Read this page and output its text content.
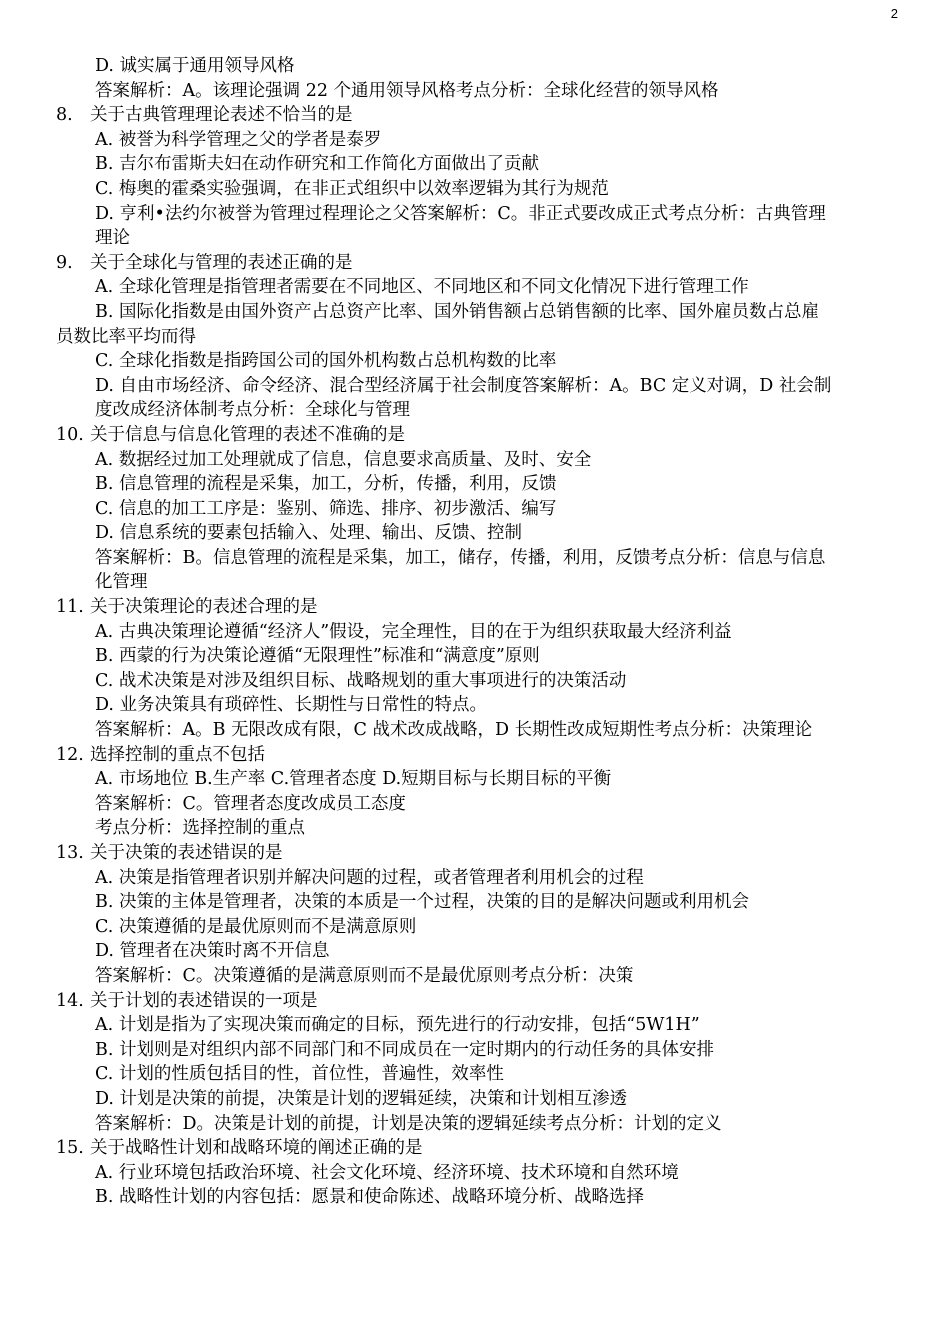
2
D. 诚实属于通用领导风格
答案解析：A。该理论强调 22 个通用领导风格考点分析：全球化经营的领导风格
8. 关于古典管理理论表述不恰当的是
A. 被誉为科学管理之父的学者是泰罗
B. 吉尔布雷斯夫妇在动作研究和工作简化方面做出了贡献
C. 梅奥的霍桑实验强调，在非正式组织中以效率逻辑为其行为规范
D. 亨利•法约尔被誉为管理过程理论之父答案解析：C。非正式要改成正式考点分析：古典管理
理论
9. 关于全球化与管理的表述正确的是
A. 全球化管理是指管理者需要在不同地区、不同地区和不同文化情况下进行管理工作
B. 国际化指数是由国外资产占总资产比率、国外销售额占总销售额的比率、国外雇员数占总雇
员数比率平均而得
C. 全球化指数是指跨国公司的国外机构数占总机构数的比率
D. 自由市场经济、命令经济、混合型经济属于社会制度答案解析：A。BC 定义对调，D 社会制
度改成经济体制考点分析：全球化与管理
10. 关于信息与信息化管理的表述不准确的是
A. 数据经过加工处理就成了信息，信息要求高质量、及时、安全
B. 信息管理的流程是采集，加工，分析，传播，利用，反馈
C. 信息的加工工序是：鉴别、筛选、排序、初步激活、编写
D. 信息系统的要素包括输入、处理、输出、反馈、控制
答案解析：B。信息管理的流程是采集，加工，储存，传播，利用，反馈考点分析：信息与信息
化管理
11. 关于决策理论的表述合理的是
A. 古典决策理论遵循“经济人”假设，完全理性，目的在于为组织获取最大经济利益
B. 西蒙的行为决策论遵循“无限理性”标准和“满意度”原则
C. 战术决策是对涉及组织目标、战略规划的重大事项进行的决策活动
D. 业务决策具有琐碎性、长期性与日常性的特点。
答案解析：A。B 无限改成有限，C 战术改成战略，D 长期性改成短期性考点分析：决策理论
12. 选择控制的重点不包括
A. 市场地位 B.生产率 C.管理者态度 D.短期目标与长期目标的平衡
答案解析：C。管理者态度改成员工态度
考点分析：选择控制的重点
13. 关于决策的表述错误的是
A. 决策是指管理者识别并解决问题的过程，或者管理者利用机会的过程
B. 决策的主体是管理者，决策的本质是一个过程，决策的目的是解决问题或利用机会
C. 决策遵循的是最优原则而不是满意原则
D. 管理者在决策时离不开信息
答案解析：C。决策遵循的是满意原则而不是最优原则考点分析：决策
14. 关于计划的表述错误的一项是
A. 计划是指为了实现决策而确定的目标，预先进行的行动安排，包括“5W1H”
B. 计划则是对组织内部不同部门和不同成员在一定时期内的行动任务的具体安排
C. 计划的性质包括目的性，首位性，普遍性，效率性
D. 计划是决策的前提，决策是计划的逻辑延续，决策和计划相互渗透
答案解析：D。决策是计划的前提，计划是决策的逻辑延续考点分析：计划的定义
15. 关于战略性计划和战略环境的阐述正确的是
A. 行业环境包括政治环境、社会文化环境、经济环境、技术环境和自然环境
B. 战略性计划的内容包括：愿景和使命陈述、战略环境分析、战略选择
